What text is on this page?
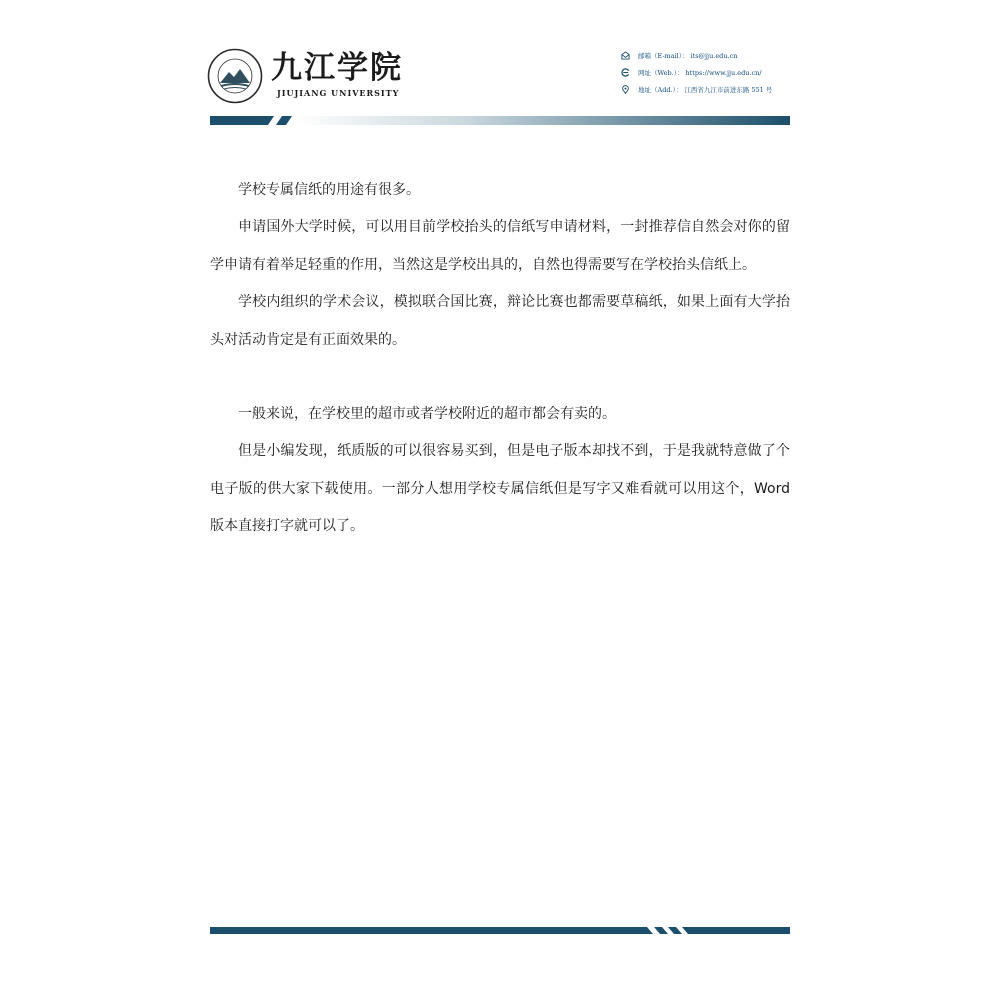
九江学院
JIUJIANG UNIVERSITY
邮箱（E-mail）： its@jju.edu.cn
网址（Web.）： https://www.jju.edu.cn/
地址（Add.）： 江西省九江市前进东路 551 号

学校专属信纸的用途有很多。

申请国外大学时候，可以用目前学校抬头的信纸写申请材料，一封推荐信自然会对你的留学申请有着举足轻重的作用，当然这是学校出具的，自然也得需要写在学校抬头信纸上。

学校内组织的学术会议，模拟联合国比赛，辩论比赛也都需要草稿纸，如果上面有大学抬头对活动肯定是有正面效果的。

一般来说，在学校里的超市或者学校附近的超市都会有卖的。

但是小编发现，纸质版的可以很容易买到，但是电子版本却找不到，于是我就特意做了个电子版的供大家下载使用。一部分人想用学校专属信纸但是写字又难看就可以用这个，Word 版本直接打字就可以了。
